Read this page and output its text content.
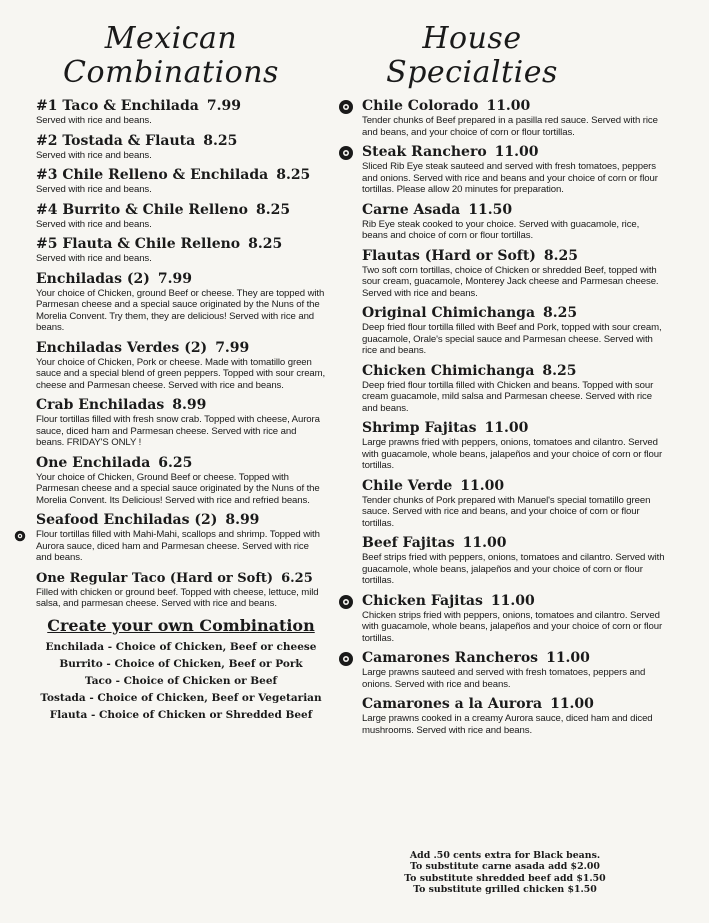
Mexican
Combinations
#1 Taco & Enchilada 7.99
Served with rice and beans.
#2 Tostada & Flauta 8.25
Served with rice and beans.
#3 Chile Relleno & Enchilada 8.25
Served with rice and beans.
#4 Burrito & Chile Relleno 8.25
Served with rice and beans.
#5 Flauta & Chile Relleno 8.25
Served with rice and beans.
Enchiladas (2) 7.99
Your choice of Chicken, ground Beef or cheese. They are topped with Parmesan cheese and a special sauce originated by the Nuns of the Morelia Convent. Try them, they are delicious! Served with rice and beans.
Enchiladas Verdes (2) 7.99
Your choice of Chicken, Pork or cheese. Made with tomatillo green sauce and a special blend of green peppers. Topped with sour cream, cheese and Parmesan cheese. Served with rice and beans.
Crab Enchiladas 8.99
Flour tortillas filled with fresh snow crab. Topped with cheese, Aurora sauce, diced ham and Parmesan cheese. Served with rice and beans. FRIDAY'S ONLY !
One Enchilada 6.25
Your choice of Chicken, Ground Beef or cheese. Topped with Parmesan cheese and a special sauce originated by the Nuns of the Morelia Convent. Its Delicious! Served with rice and refried beans.
Seafood Enchiladas (2) 8.99
Flour tortillas filled with Mahi-Mahi, scallops and shrimp. Topped with Aurora sauce, diced ham and Parmesan cheese. Served with rice and beans.
One Regular Taco (Hard or Soft) 6.25
Filled with chicken or ground beef. Topped with cheese, lettuce, mild salsa, and parmesan cheese. Served with rice and beans.
Create your own Combination
Enchilada - Choice of Chicken, Beef or cheese
Burrito - Choice of Chicken, Beef or Pork
Taco - Choice of Chicken or Beef
Tostada - Choice of Chicken, Beef or Vegetarian
Flauta - Choice of Chicken or Shredded Beef
House
Specialties
Chile Colorado 11.00
Tender chunks of Beef prepared in a pasilla red sauce. Served with rice and beans, and your choice of corn or flour tortillas.
Steak Ranchero 11.00
Sliced Rib Eye steak sauteed and served with fresh tomatoes, peppers and onions. Served with rice and beans and your choice of corn or flour tortillas. Please allow 20 minutes for preparation.
Carne Asada 11.50
Rib Eye steak cooked to your choice. Served with guacamole, rice, beans and choice of corn or flour tortillas.
Flautas (Hard or Soft) 8.25
Two soft corn tortillas, choice of Chicken or shredded Beef, topped with sour cream, guacamole, Monterey Jack cheese and Parmesan cheese. Served with rice and beans.
Original Chimichanga 8.25
Deep fried flour tortilla filled with Beef and Pork, topped with sour cream, guacamole, Orale's special sauce and Parmesan cheese. Served with rice and beans.
Chicken Chimichanga 8.25
Deep fried flour tortilla filled with Chicken and beans. Topped with sour cream guacamole, mild salsa and Parmesan cheese. Served with rice and beans.
Shrimp Fajitas 11.00
Large prawns fried with peppers, onions, tomatoes and cilantro. Served with guacamole, whole beans, jalapeños and your choice of corn or flour tortillas.
Chile Verde 11.00
Tender chunks of Pork prepared with Manuel's special tomatillo green sauce. Served with rice and beans, and your choice of corn or flour tortillas.
Beef Fajitas 11.00
Beef strips fried with peppers, onions, tomatoes and cilantro. Served with guacamole, whole beans, jalapeños and your choice of corn or flour tortillas.
Chicken Fajitas 11.00
Chicken strips fried with peppers, onions, tomatoes and cilantro. Served with guacamole, whole beans, jalapeños and your choice of corn or flour tortillas.
Camarones Rancheros 11.00
Large prawns sauteed and served with fresh tomatoes, peppers and onions. Served with rice and beans.
Camarones a la Aurora 11.00
Large prawns cooked in a creamy Aurora sauce, diced ham and diced mushrooms. Served with rice and beans.
Add .50 cents extra for Black beans.
To substitute carne asada add $2.00
To substitute shredded beef add $1.50
To substitute grilled chicken $1.50
